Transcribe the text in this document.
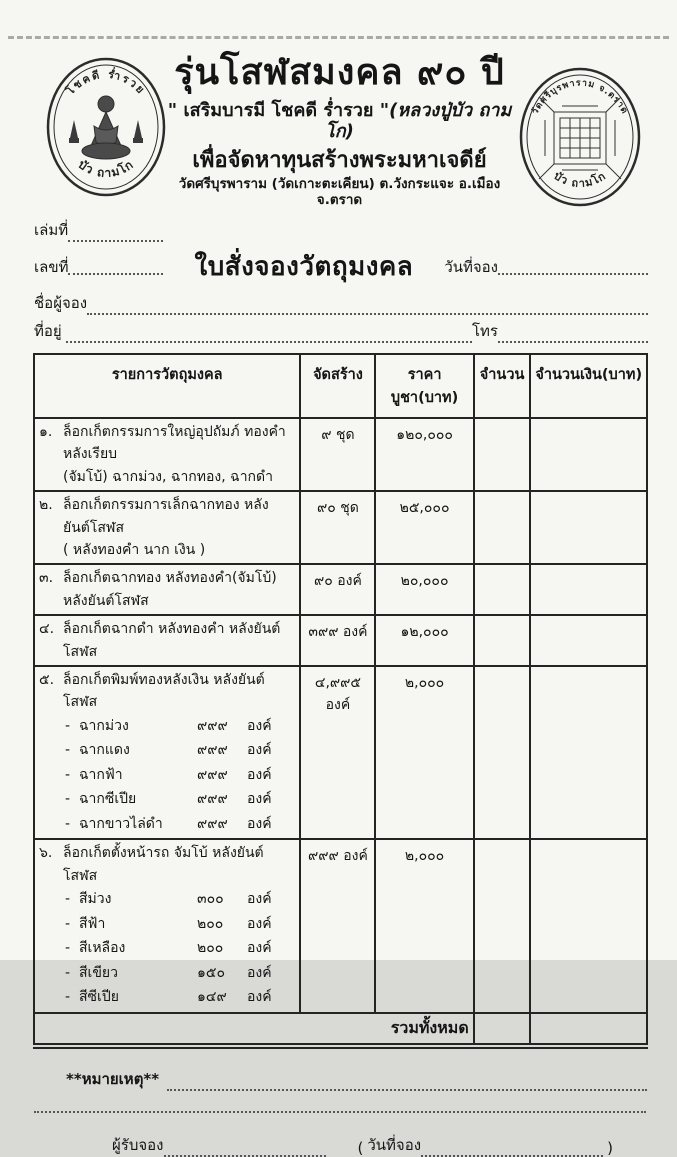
โชคดี ร่ำรวย
บัว ถามโก
วัดศรีบุรพาราม จ.ตราด
บัว ถามโก
รุ่นโสฬสมงคล ๙๐ ปี
" เสริมบารมี โชคดี ร่ำรวย "(หลวงปู่บัว ถามโก)
เพื่อจัดหาทุนสร้างพระมหาเจดีย์
วัดศรีบุรพาราม (วัดเกาะตะเคียน) ต.วังกระแจะ อ.เมือง จ.ตราด
เล่มที่
เลขที่	ใบสั่งจองวัตถุมงคล	วันที่จอง
ชื่อผู้จอง
ที่อยู่
	โทร
รายการวัตถุมงคล	จัดสร้าง	ราคาบูชา(บาท)	จำนวน	จำนวนเงิน(บาท)

๑. ล็อกเก็ตกรรมการใหญ่อุปถัมภ์ ทองคำหลังเรียบ
(จัมโบ้) ฉากม่วง, ฉากทอง, ฉากดำ	๙ ชุด	๑๒๐,๐๐๐		

๒. ล็อกเก็ตกรรมการเล็กฉากทอง หลังยันต์โสฬส
( หลังทองคำ นาก เงิน )	๙๐ ชุด	๒๕,๐๐๐		

๓. ล็อกเก็ตฉากทอง หลังทองคำ(จัมโบ้) หลังยันต์โสฬส	๙๐ องค์	๒๐,๐๐๐		

๔. ล็อกเก็ตฉากดำ หลังทองคำ หลังยันต์โสฬส	๓๙๙ องค์	๑๒,๐๐๐		

๕. ล็อกเก็ตพิมพ์ทองหลังเงิน หลังยันต์โสฬส
- ฉากม่วง	๙๙๙	องค์
- ฉากแดง	๙๙๙	องค์
- ฉากฟ้า	๙๙๙	องค์
- ฉากซีเปีย	๙๙๙	องค์
- ฉากขาวไล่ดำ	๙๙๙	องค์
	๔,๙๙๕ องค์	๒,๐๐๐		

๖. ล็อกเก็ตตั้งหน้ารถ จัมโบ้ หลังยันต์โสฬส
- สีม่วง	๓๐๐	องค์
- สีฟ้า	๒๐๐	องค์
- สีเหลือง	๒๐๐	องค์
- สีเขียว	๑๕๐	องค์
- สีซีเปีย	๑๔๙	องค์
	๙๙๙ องค์	๒,๐๐๐		
รวมทั้งหมด				
**หมายเหตุ**
ผู้รับจอง	( วันที่จอง	)
